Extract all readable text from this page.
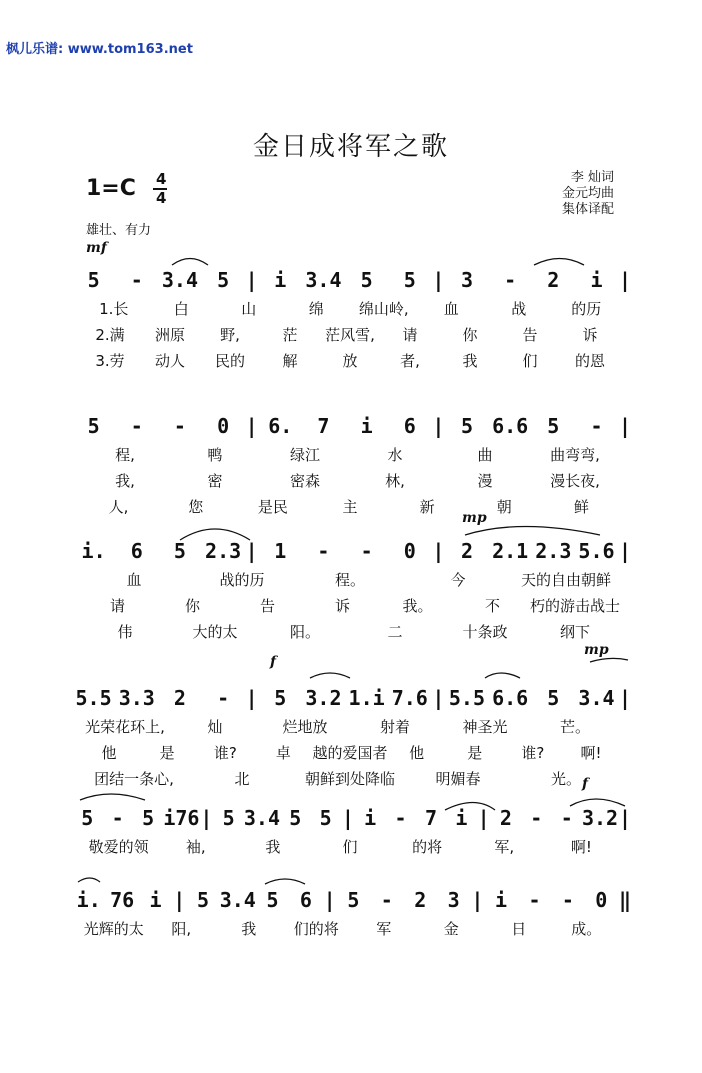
枫儿乐谱: www.tom163.net
金日成将军之歌
李 灿词
金元均曲
集体译配
1=C 4
4
雄壮、有力
mf
mp
f
mp
f
5	- 3.4 5 | i 3.4 5	5 | 3	-	2	i |
1.长	白	山	绵	绵山岭,	血	战	的历
2.满	洲原	野,	茫	茫风雪,	请	你	告	诉
3.劳	动人	民的	解	放	者,	我	们	的恩
5	-	-	0 | 6.	7	i	6 | 5 6.6 5	- |
程,	鸭	绿江	水	曲	曲弯弯,
我,	密	密森	林,	漫	漫长夜,
人,	您	是民	主	新	朝	鲜
i.	6	5 2.3 | 1	-	-	0 | 2 2.1 2.3 5.6 |
血	战的历	程。	今	天的自由朝鲜
请	你	告	诉	我。	不	朽的游击战士
伟	大的太	阳。	二	十条政	纲下
5.5 3.3 2	- | 5 3.2 1.i 7.6 | 5.5 6.6 5 3.4 |
光荣花环上,	灿	烂地放	射着	神圣光	芒。
他	是	谁?	卓	越的爱国者	他	是	谁?	啊!
团结一条心,	北	朝鲜到处降临	明媚春	光。
5 - 5 i76 | 5 3.4 5 5 | i - 7 i | 2 - - 3.2 |
敬爱的领	袖,	我	们	的将	军,	啊!
i. 76 i | 5 3.4 5	6 | 5	-	2	3 | i	-	-	0 ‖
光辉的太	阳,	我	们的将	军	金	日	成。
